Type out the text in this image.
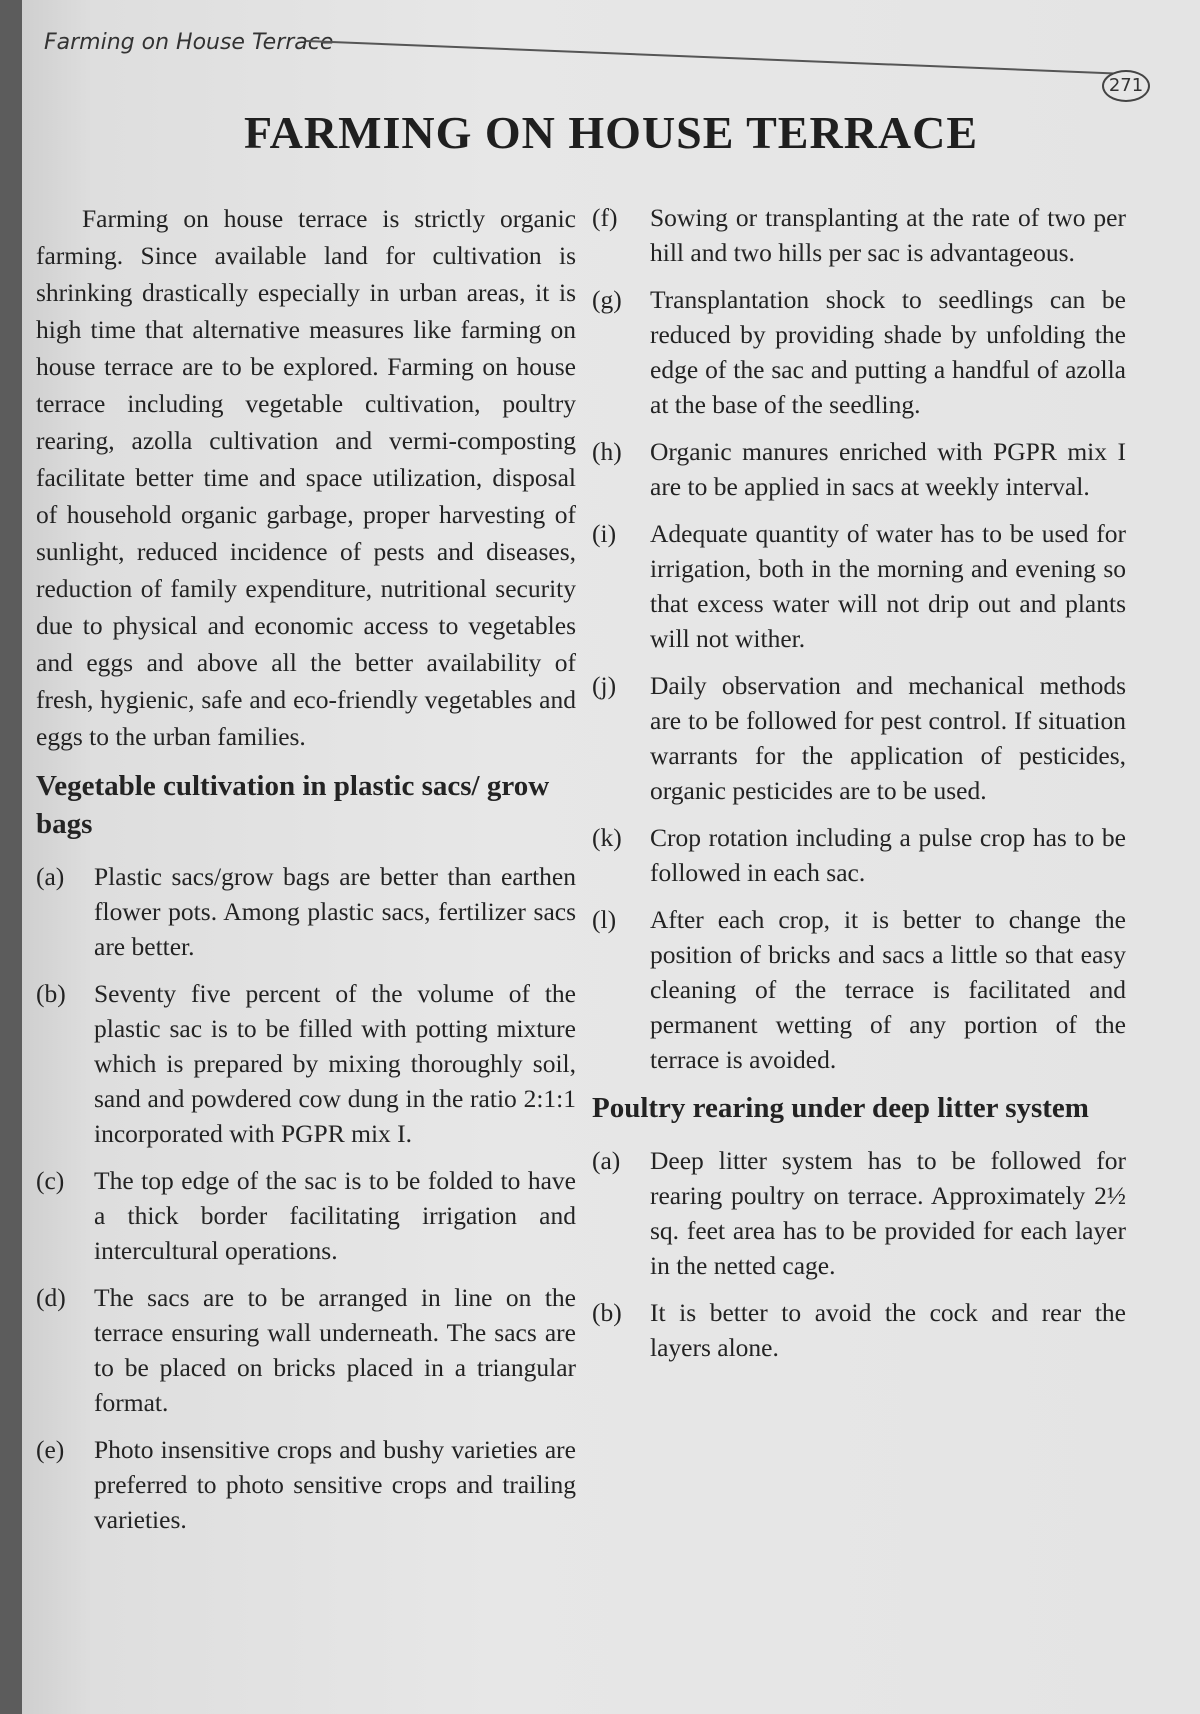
Farming on House Terrace
271
FARMING ON HOUSE TERRACE

Farming on house terrace is strictly organic farming. Since available land for cultivation is shrinking drastically especially in urban areas, it is high time that alternative measures like farming on house terrace are to be explored. Farming on house terrace including vegetable cultivation, poultry rearing, azolla cultivation and vermi-composting facilitate better time and space utilization, disposal of household organic garbage, proper harvesting of sunlight, reduced incidence of pests and diseases, reduction of family expenditure, nutritional security due to physical and economic access to vegetables and eggs and above all the better availability of fresh, hygienic, safe and eco-friendly vegetables and eggs to the urban families.

Vegetable cultivation in plastic sacs/ grow bags
(a)	Plastic sacs/grow bags are better than earthen flower pots. Among plastic sacs, fertilizer sacs are better.
(b)	Seventy five percent of the volume of the plastic sac is to be filled with potting mixture which is prepared by mixing thoroughly soil, sand and powdered cow dung in the ratio 2:1:1 incorporated with PGPR mix I.
(c)	The top edge of the sac is to be folded to have a thick border facilitating irrigation and intercultural operations.
(d)	The sacs are to be arranged in line on the terrace ensuring wall underneath. The sacs are to be placed on bricks placed in a triangular format.
(e)	Photo insensitive crops and bushy varieties are preferred to photo sensitive crops and trailing varieties.
(f)	Sowing or transplanting at the rate of two per hill and two hills per sac is advantageous.
(g)	Transplantation shock to seedlings can be reduced by providing shade by unfolding the edge of the sac and putting a handful of azolla at the base of the seedling.
(h)	Organic manures enriched with PGPR mix I are to be applied in sacs at weekly interval.
(i)	Adequate quantity of water has to be used for irrigation, both in the morning and evening so that excess water will not drip out and plants will not wither.
(j)	Daily observation and mechanical methods are to be followed for pest control. If situation warrants for the application of pesticides, organic pesticides are to be used.
(k)	Crop rotation including a pulse crop has to be followed in each sac.
(l)	After each crop, it is better to change the position of bricks and sacs a little so that easy cleaning of the terrace is facilitated and permanent wetting of any portion of the terrace is avoided.
Poultry rearing under deep litter system
(a)	Deep litter system has to be followed for rearing poultry on terrace. Approximately 2½ sq. feet area has to be provided for each layer in the netted cage.
(b)	It is better to avoid the cock and rear the layers alone.
